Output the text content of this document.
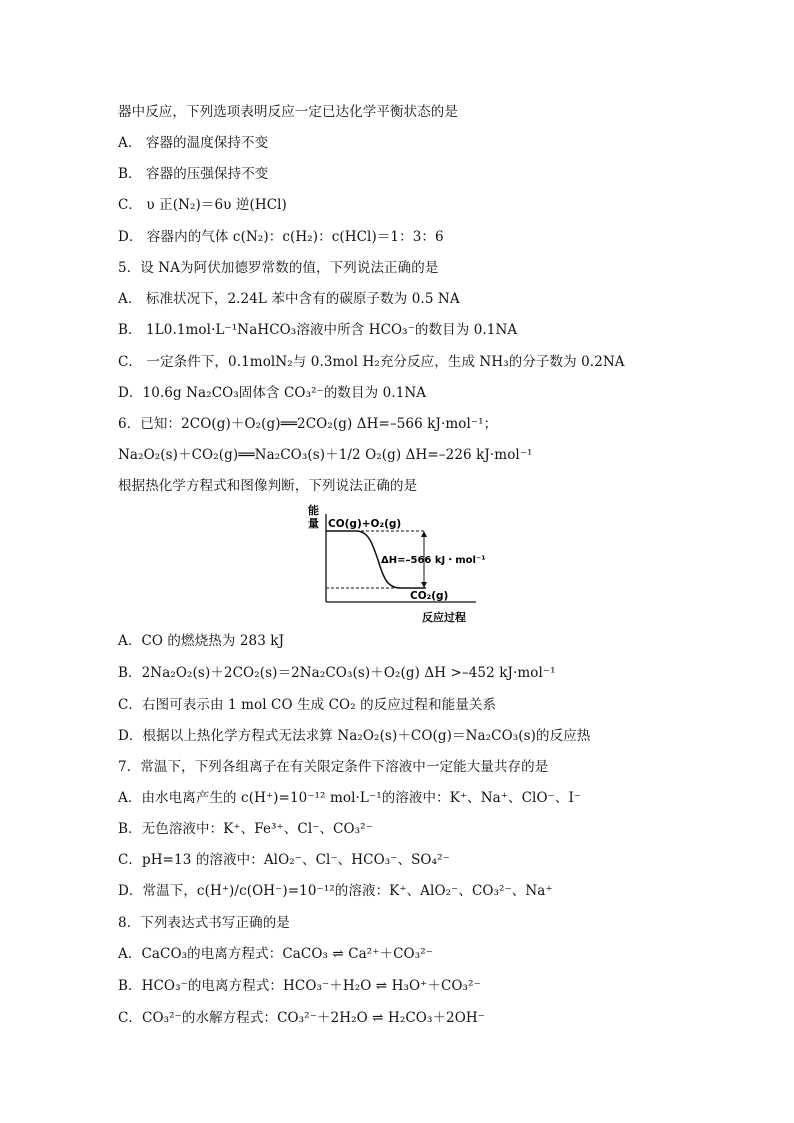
器中反应，下列选项表明反应一定已达化学平衡状态的是
A． 容器的温度保持不变
B． 容器的压强保持不变
C． υ 正(N₂)＝6υ 逆(HCl)
D． 容器内的气体 c(N₂)：c(H₂)：c(HCl)＝1：3：6
5．设 NA为阿伏加德罗常数的值，下列说法正确的是
A． 标准状况下，2.24L 苯中含有的碳原子数为 0.5 NA
B． 1L0.1mol·L⁻¹NaHCO₃溶液中所含 HCO₃⁻的数目为 0.1NA
C． 一定条件下，0.1molN₂与 0.3mol H₂充分反应，生成 NH₃的分子数为 0.2NA
D．10.6g Na₂CO₃固体含 CO₃²⁻的数目为 0.1NA
6．已知：2CO(g)＋O₂(g)══2CO₂(g) ΔH=–566 kJ·mol⁻¹；
Na₂O₂(s)＋CO₂(g)══Na₂CO₃(s)＋1/2 O₂(g) ΔH=–226 kJ·mol⁻¹
根据热化学方程式和图像判断，下列说法正确的是
能
量 CO(g)+O₂(g)
ΔH=–566 kJ・mol⁻¹
CO₂(g)
反应过程
A．CO 的燃烧热为 283 kJ
B．2Na₂O₂(s)＋2CO₂(s)＝2Na₂CO₃(s)＋O₂(g) ΔH >–452 kJ·mol⁻¹
C．右图可表示由 1 mol CO 生成 CO₂ 的反应过程和能量关系
D．根据以上热化学方程式无法求算 Na₂O₂(s)＋CO(g)＝Na₂CO₃(s)的反应热
7．常温下，下列各组离子在有关限定条件下溶液中一定能大量共存的是
A．由水电离产生的 c(H⁺)=10⁻¹² mol·L⁻¹的溶液中：K⁺、Na⁺、ClO⁻、I⁻
B．无色溶液中：K⁺、Fe³⁺、Cl⁻、CO₃²⁻
C．pH=13 的溶液中：AlO₂⁻、Cl⁻、HCO₃⁻、SO₄²⁻
D．常温下，c(H⁺)/c(OH⁻)=10⁻¹²的溶液：K⁺、AlO₂⁻、CO₃²⁻、Na⁺
8．下列表达式书写正确的是
A．CaCO₃的电离方程式：CaCO₃ ⇌ Ca²⁺＋CO₃²⁻
B．HCO₃⁻的电离方程式：HCO₃⁻＋H₂O ⇌ H₃O⁺＋CO₃²⁻
C．CO₃²⁻的水解方程式：CO₃²⁻＋2H₂O ⇌ H₂CO₃＋2OH⁻
